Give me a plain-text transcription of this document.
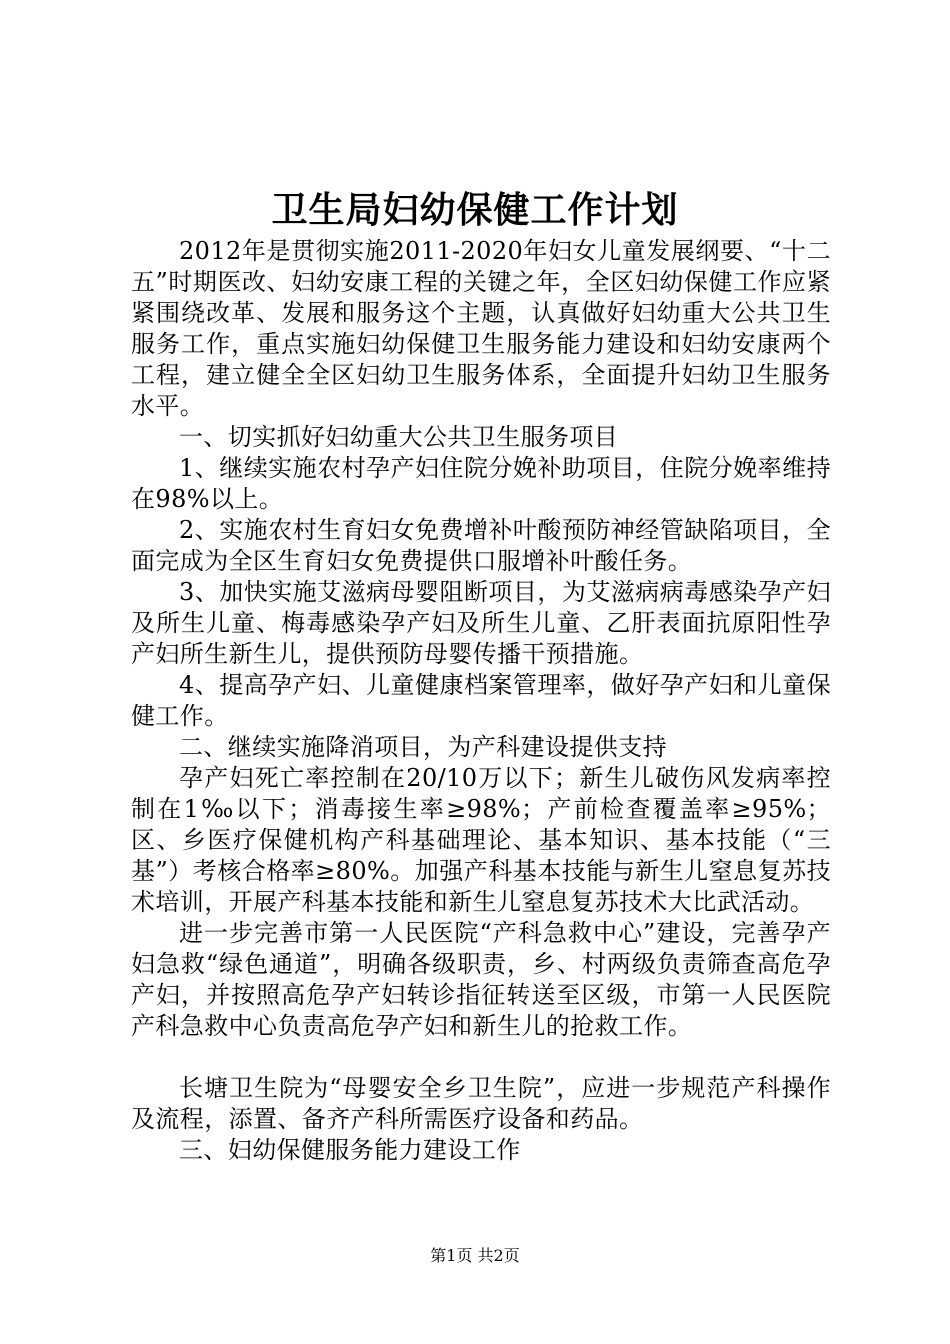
卫生局妇幼保健工作计划

2012年是贯彻实施2011-2020年妇女儿童发展纲要、“十二五”时期医改、妇幼安康工程的关键之年，全区妇幼保健工作应紧紧围绕改革、发展和服务这个主题，认真做好妇幼重大公共卫生服务工作，重点实施妇幼保健卫生服务能力建设和妇幼安康两个工程，建立健全全区妇幼卫生服务体系，全面提升妇幼卫生服务水平。

一、切实抓好妇幼重大公共卫生服务项目

1、继续实施农村孕产妇住院分娩补助项目，住院分娩率维持在98%以上。

2、实施农村生育妇女免费增补叶酸预防神经管缺陷项目，全面完成为全区生育妇女免费提供口服增补叶酸任务。

3、加快实施艾滋病母婴阻断项目，为艾滋病病毒感染孕产妇及所生儿童、梅毒感染孕产妇及所生儿童、乙肝表面抗原阳性孕产妇所生新生儿，提供预防母婴传播干预措施。

4、提高孕产妇、儿童健康档案管理率，做好孕产妇和儿童保健工作。

二、继续实施降消项目，为产科建设提供支持

孕产妇死亡率控制在20/10万以下；新生儿破伤风发病率控制在1‰以下；消毒接生率≥98%；产前检查覆盖率≥95%；区、乡医疗保健机构产科基础理论、基本知识、基本技能（“三基”）考核合格率≥80%。加强产科基本技能与新生儿窒息复苏技术培训，开展产科基本技能和新生儿窒息复苏技术大比武活动。

进一步完善市第一人民医院“产科急救中心”建设，完善孕产妇急救“绿色通道”，明确各级职责，乡、村两级负责筛查高危孕产妇，并按照高危孕产妇转诊指征转送至区级，市第一人民医院产科急救中心负责高危孕产妇和新生儿的抢救工作。

长塘卫生院为“母婴安全乡卫生院”，应进一步规范产科操作及流程，添置、备齐产科所需医疗设备和药品。

三、妇幼保健服务能力建设工作

第1页 共2页
